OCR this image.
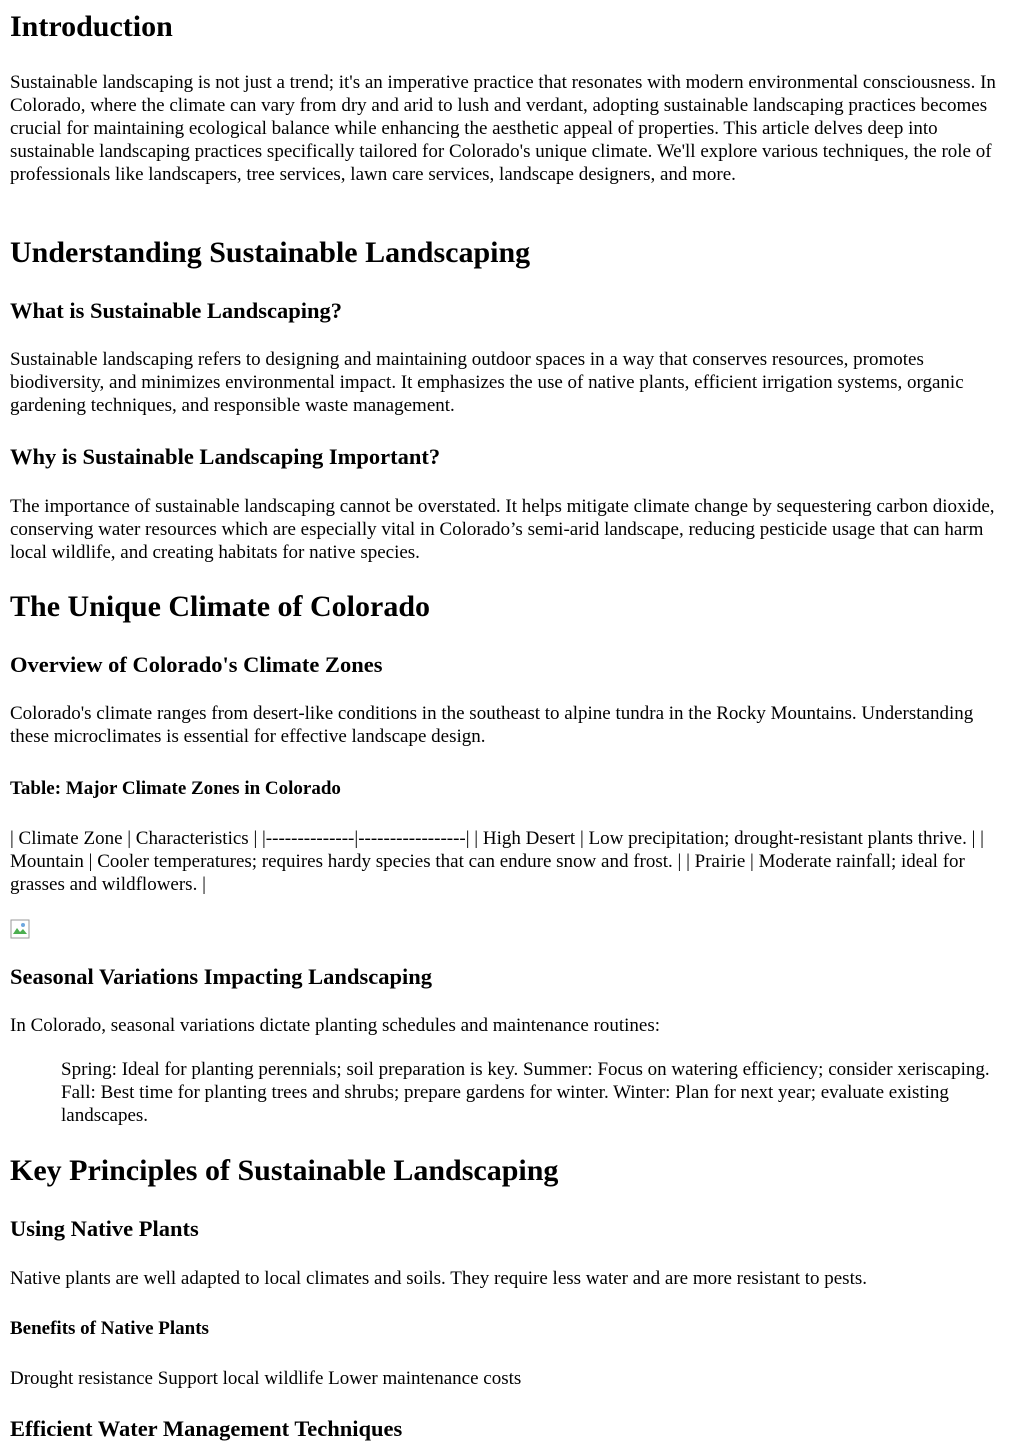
Introduction

Sustainable landscaping is not just a trend; it's an imperative practice that resonates with modern environmental consciousness. In Colorado, where the climate can vary from dry and arid to lush and verdant, adopting sustainable landscaping practices becomes crucial for maintaining ecological balance while enhancing the aesthetic appeal of properties. This article delves deep into sustainable landscaping practices specifically tailored for Colorado's unique climate. We'll explore various techniques, the role of professionals like landscapers, tree services, lawn care services, landscape designers, and more.

Understanding Sustainable Landscaping
What is Sustainable Landscaping?

Sustainable landscaping refers to designing and maintaining outdoor spaces in a way that conserves resources, promotes biodiversity, and minimizes environmental impact. It emphasizes the use of native plants, efficient irrigation systems, organic gardening techniques, and responsible waste management.

Why is Sustainable Landscaping Important?

The importance of sustainable landscaping cannot be overstated. It helps mitigate climate change by sequestering carbon dioxide, conserving water resources which are especially vital in Colorado’s semi-arid landscape, reducing pesticide usage that can harm local wildlife, and creating habitats for native species.

The Unique Climate of Colorado
Overview of Colorado's Climate Zones

Colorado's climate ranges from desert-like conditions in the southeast to alpine tundra in the Rocky Mountains. Understanding these microclimates is essential for effective landscape design.

Table: Major Climate Zones in Colorado

| Climate Zone | Characteristics | |--------------|-----------------| | High Desert | Low precipitation; drought-resistant plants thrive. | | Mountain | Cooler temperatures; requires hardy species that can endure snow and frost. | | Prairie | Moderate rainfall; ideal for grasses and wildflowers. |

Seasonal Variations Impacting Landscaping

In Colorado, seasonal variations dictate planting schedules and maintenance routines:

Spring: Ideal for planting perennials; soil preparation is key. Summer: Focus on watering efficiency; consider xeriscaping. Fall: Best time for planting trees and shrubs; prepare gardens for winter. Winter: Plan for next year; evaluate existing landscapes.
Key Principles of Sustainable Landscaping
Using Native Plants

Native plants are well adapted to local climates and soils. They require less water and are more resistant to pests.

Benefits of Native Plants

Drought resistance Support local wildlife Lower maintenance costs

Efficient Water Management Techniques
